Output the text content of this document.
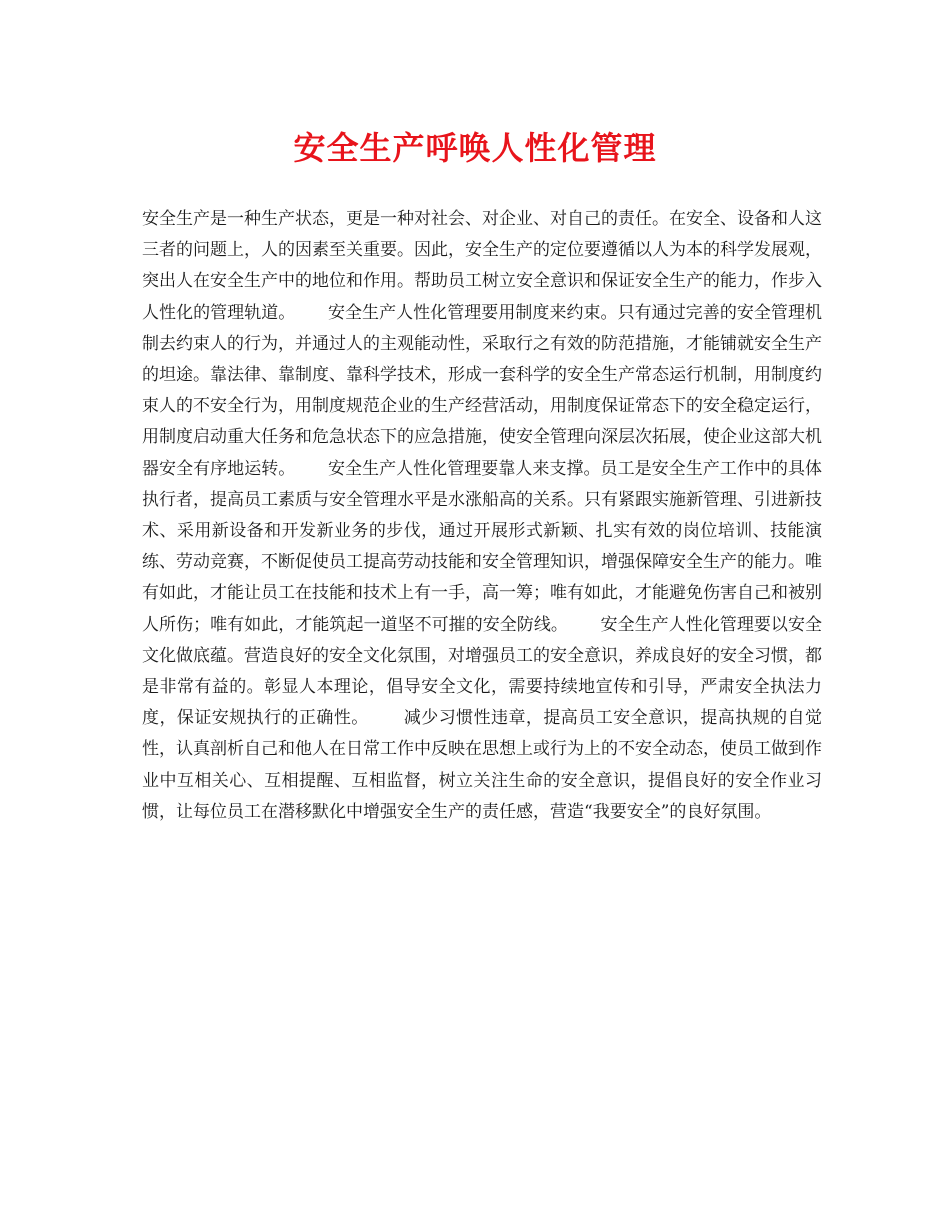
安全生产呼唤人性化管理

安全生产是一种生产状态，更是一种对社会、对企业、对自己的责任。在安全、设备和人这三者的问题上，人的因素至关重要。因此，安全生产的定位要遵循以人为本的科学发展观，突出人在安全生产中的地位和作用。帮助员工树立安全意识和保证安全生产的能力，作步入人性化的管理轨道。      安全生产人性化管理要用制度来约束。只有通过完善的安全管理机制去约束人的行为，并通过人的主观能动性，采取行之有效的防范措施，才能铺就安全生产的坦途。靠法律、靠制度、靠科学技术，形成一套科学的安全生产常态运行机制，用制度约束人的不安全行为，用制度规范企业的生产经营活动，用制度保证常态下的安全稳定运行，用制度启动重大任务和危急状态下的应急措施，使安全管理向深层次拓展，使企业这部大机器安全有序地运转。      安全生产人性化管理要靠人来支撑。员工是安全生产工作中的具体执行者，提高员工素质与安全管理水平是水涨船高的关系。只有紧跟实施新管理、引进新技术、采用新设备和开发新业务的步伐，通过开展形式新颖、扎实有效的岗位培训、技能演练、劳动竞赛，不断促使员工提高劳动技能和安全管理知识，增强保障安全生产的能力。唯有如此，才能让员工在技能和技术上有一手，高一筹；唯有如此，才能避免伤害自己和被别人所伤；唯有如此，才能筑起一道坚不可摧的安全防线。      安全生产人性化管理要以安全文化做底蕴。营造良好的安全文化氛围，对增强员工的安全意识，养成良好的安全习惯，都是非常有益的。彰显人本理论，倡导安全文化，需要持续地宣传和引导，严肃安全执法力度，保证安规执行的正确性。      减少习惯性违章，提高员工安全意识，提高执规的自觉性，认真剖析自己和他人在日常工作中反映在思想上或行为上的不安全动态，使员工做到作业中互相关心、互相提醒、互相监督，树立关注生命的安全意识，提倡良好的安全作业习惯，让每位员工在潜移默化中增强安全生产的责任感，营造“我要安全”的良好氛围。
